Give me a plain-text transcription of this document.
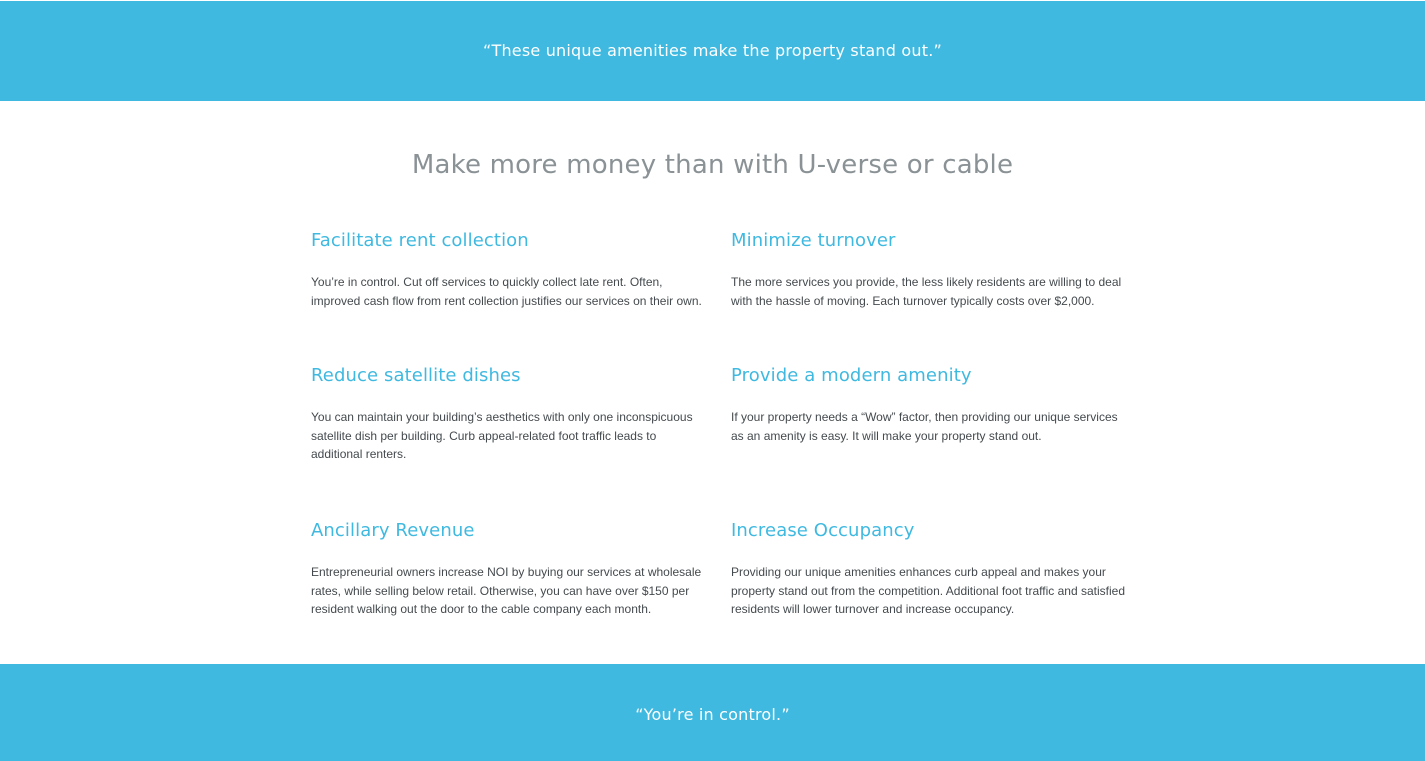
“These unique amenities make the property stand out.”
Make more money than with U-verse or cable
Facilitate rent collection

You’re in control. Cut off services to quickly collect late rent. Often, improved cash flow from rent collection justifies our services on their own.

Minimize turnover

The more services you provide, the less likely residents are willing to deal with the hassle of moving. Each turnover typically costs over $2,000.

Reduce satellite dishes

You can maintain your building’s aesthetics with only one inconspicuous satellite dish per building. Curb appeal-related foot traffic leads to additional renters.

Provide a modern amenity

If your property needs a “Wow” factor, then providing our unique services as an amenity is easy. It will make your property stand out.

Ancillary Revenue

Entrepreneurial owners increase NOI by buying our services at wholesale rates, while selling below retail. Otherwise, you can have over $150 per resident walking out the door to the cable company each month.

Increase Occupancy

Providing our unique amenities enhances curb appeal and makes your property stand out from the competition. Additional foot traffic and satisfied residents will lower turnover and increase occupancy.

“You’re in control.”
